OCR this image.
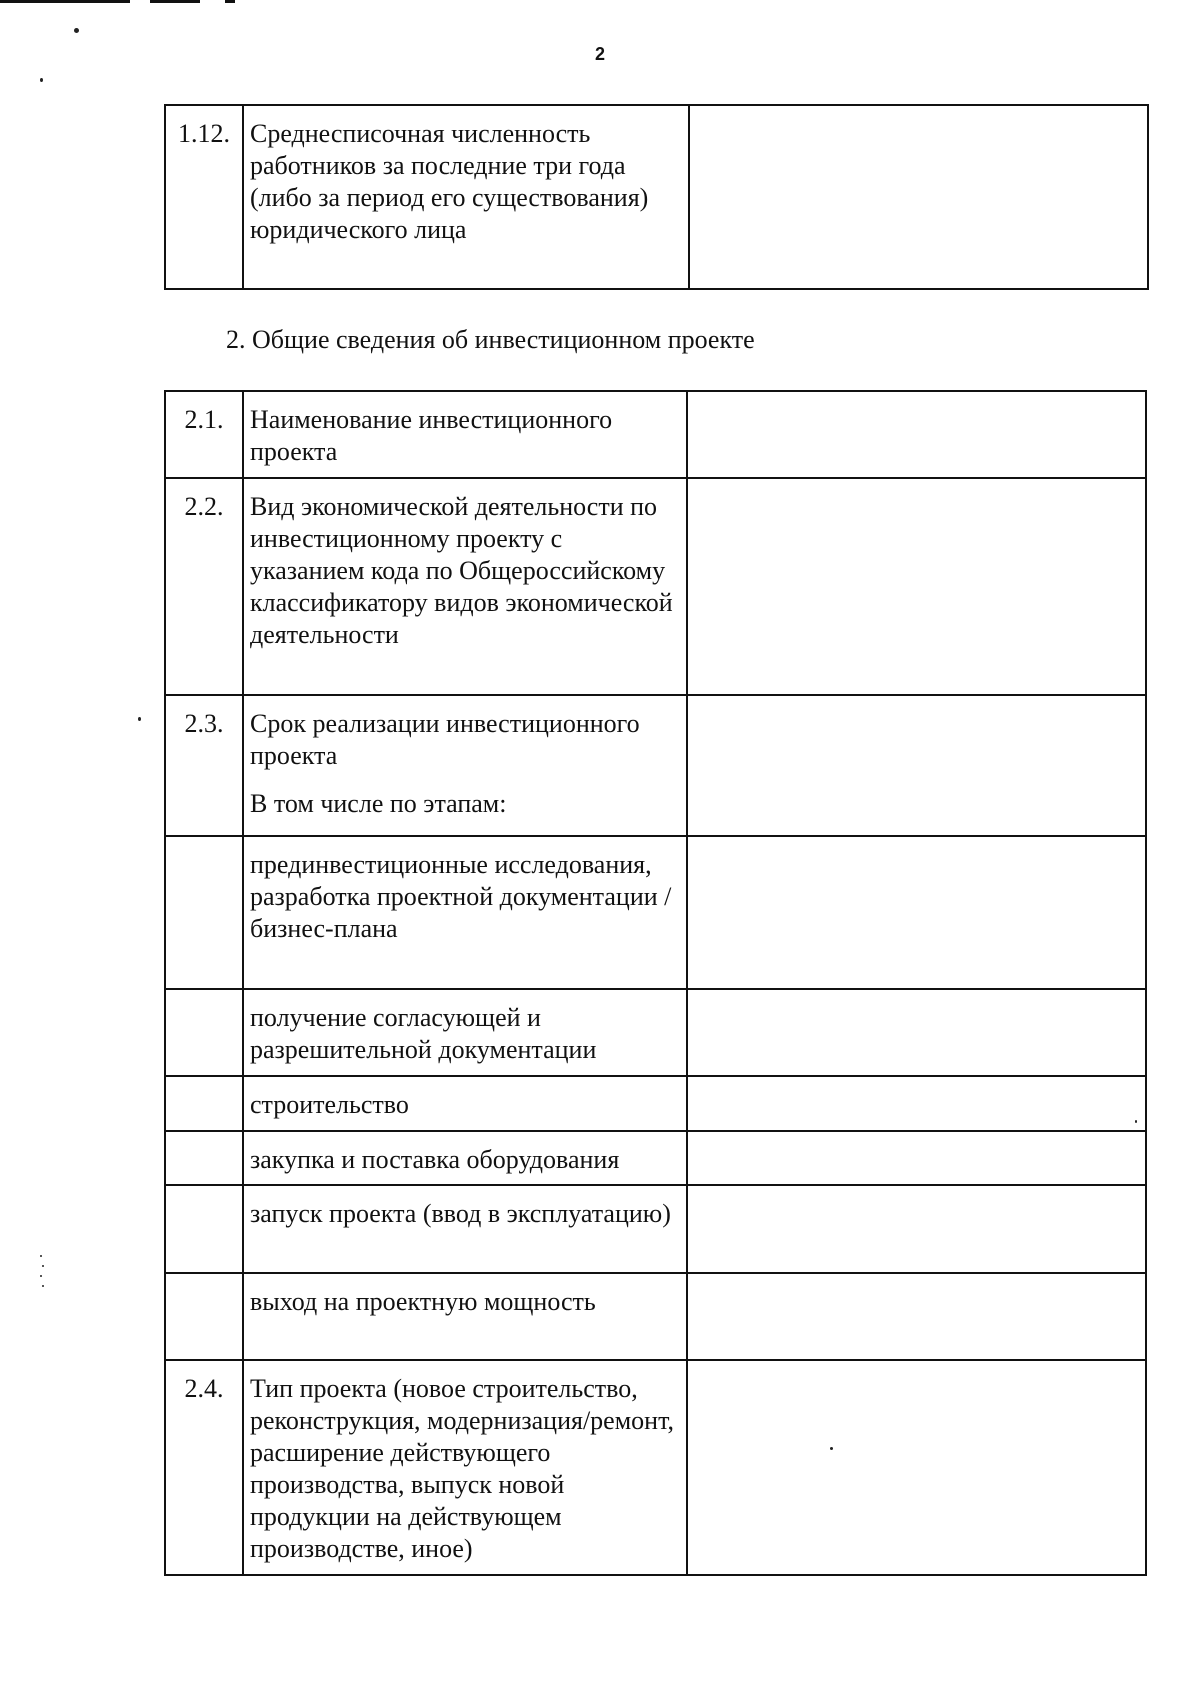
2
1.12.	Среднесписочная численность работников за последние три года (либо за период его существования) юридического лица	
2. Общие сведения об инвестиционном проекте
2.1.	Наименование инвестиционного проекта	
2.2.	Вид экономической деятельности по инвестиционному проекту с указанием кода по Общероссийскому классификатору видов экономической деятельности	
2.3.	Срок реализации инвестиционного проекта
В том числе по этапам:	

	прединвестиционные исследования, разработка проектной документации / бизнес-плана	
	получение согласующей и разрешительной документации	
	строительство	
	закупка и поставка оборудования	
	запуск проекта (ввод в эксплуатацию)	
	выход на проектную мощность	
2.4.	Тип проекта (новое строительство, реконструкция, модернизация/ремонт, расширение действующего производства, выпуск новой продукции на действующем производстве, иное)	
